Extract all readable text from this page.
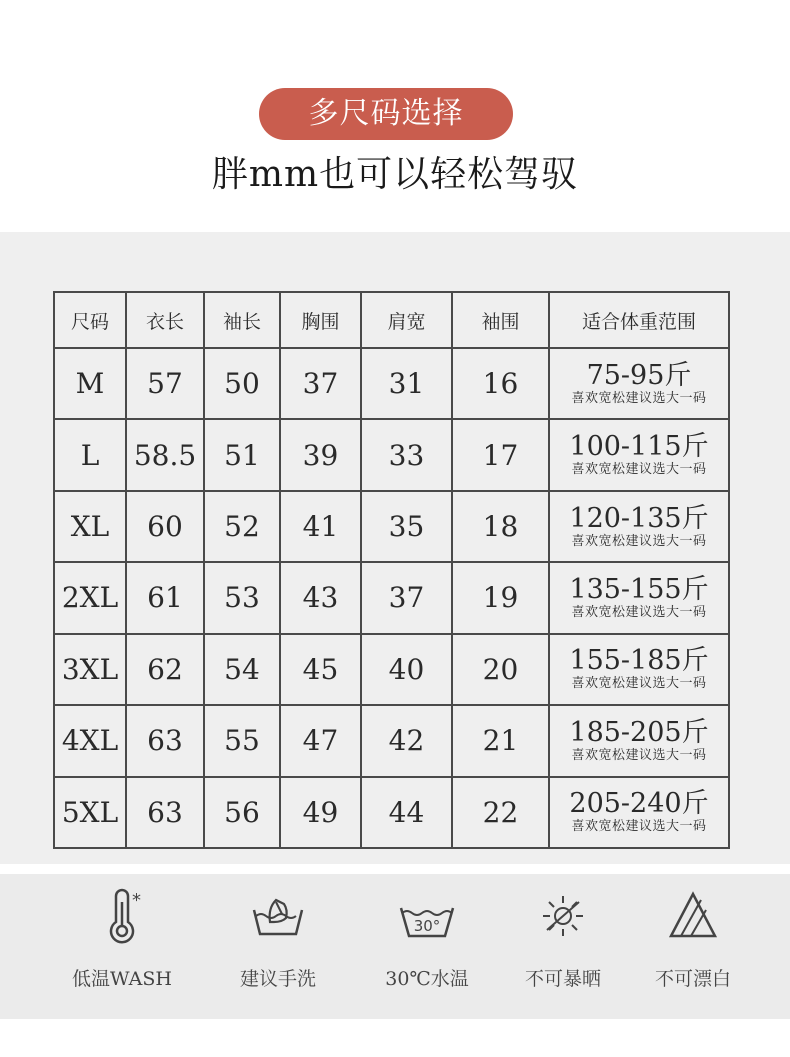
多尺码选择
胖mm也可以轻松驾驭
尺码	衣长	袖长	胸围	肩宽	袖围	适合体重范围
M	57	50	37	31	16	75-95斤
喜欢宽松建议选大一码

L	58.5	51	39	33	17	100-115斤
喜欢宽松建议选大一码

XL	60	52	41	35	18	120-135斤
喜欢宽松建议选大一码

2XL	61	53	43	37	19	135-155斤
喜欢宽松建议选大一码

3XL	62	54	45	40	20	155-185斤
喜欢宽松建议选大一码

4XL	63	55	47	42	21	185-205斤
喜欢宽松建议选大一码

5XL	63	56	49	44	22	205-240斤
喜欢宽松建议选大一码
*
低温WASH	建议手洗
30°
30℃水温	不可暴晒	不可漂白
